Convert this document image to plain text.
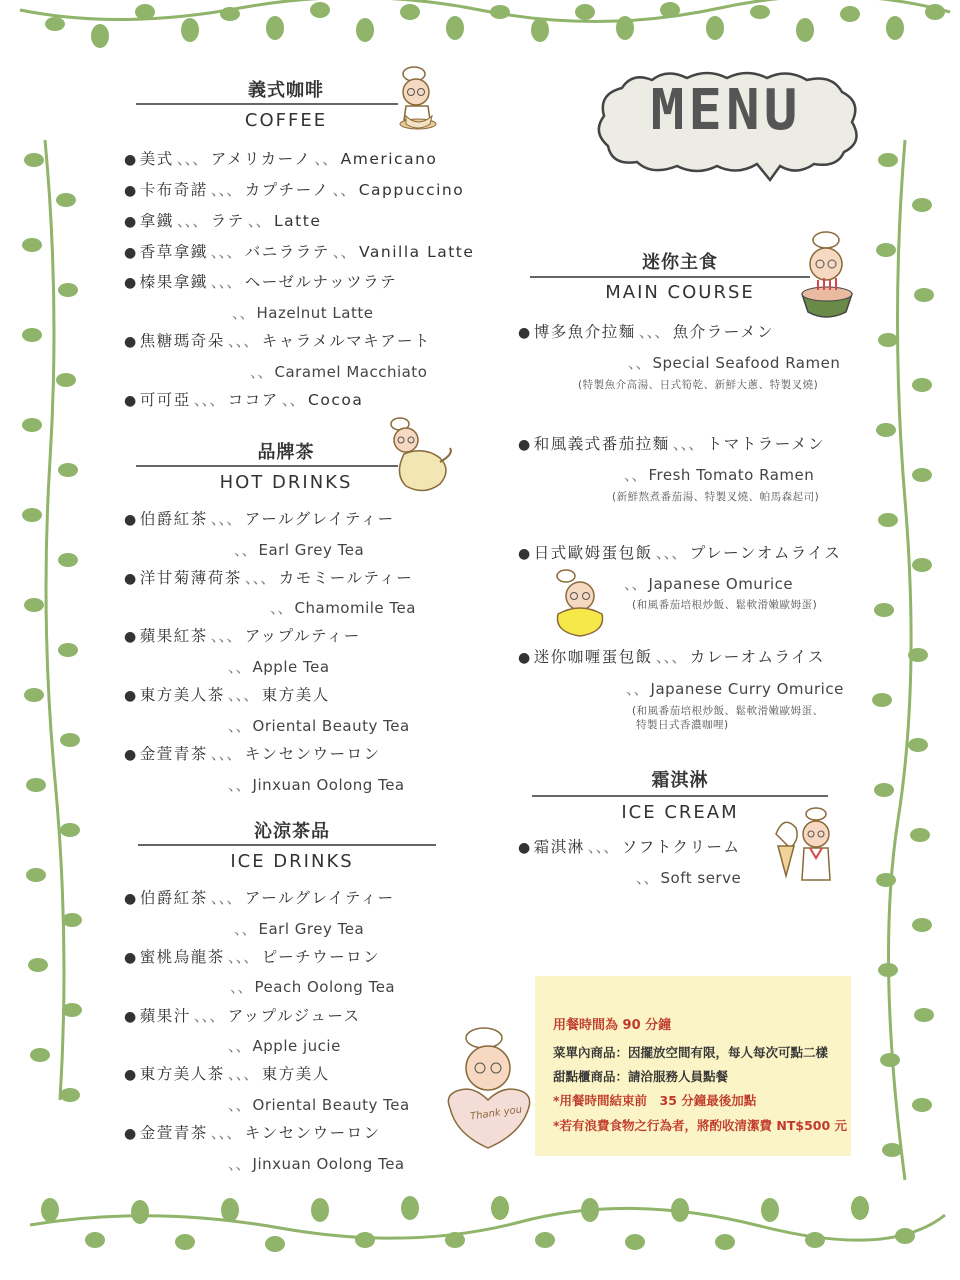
MENU
義式咖啡
COFFEE
● 美式 、、、 アメリカーノ 、、 Americano
● 卡布奇諾 、、、 カプチーノ 、、 Cappuccino
● 拿鐵 、、、 ラテ 、、 Latte
● 香草拿鐵 、、、 バニララテ 、、 Vanilla Latte
● 榛果拿鐵 、、、 ヘーゼルナッツラテ
、、 Hazelnut Latte
● 焦糖瑪奇朵 、、、 キャラメルマキアート
、、 Caramel Macchiato
● 可可亞 、、、 ココア 、、 Cocoa
品牌茶
HOT DRINKS
● 伯爵紅茶 、、、 アールグレイティー
、、 Earl Grey Tea
● 洋甘菊薄荷茶 、、、 カモミールティー
、、 Chamomile Tea
● 蘋果紅茶 、、、 アップルティー
、、 Apple Tea
● 東方美人茶 、、、 東方美人
、、 Oriental Beauty Tea
● 金萱青茶 、、、 キンセンウーロン
、、 Jinxuan Oolong Tea
沁涼茶品
ICE DRINKS
● 伯爵紅茶 、、、 アールグレイティー
、、 Earl Grey Tea
● 蜜桃烏龍茶 、、、 ピーチウーロン
、、 Peach Oolong Tea
● 蘋果汁 、、、 アップルジュース
、、 Apple jucie
● 東方美人茶 、、、 東方美人
、、 Oriental Beauty Tea
● 金萱青茶 、、、 キンセンウーロン
、、 Jinxuan Oolong Tea
迷你主食
MAIN COURSE
● 博多魚介拉麵 、、、 魚介ラーメン
、、 Special Seafood Ramen
(特製魚介高湯、日式筍乾、新鮮大蔥、特製叉燒)
● 和風義式番茄拉麵 、、、 トマトラーメン
、、 Fresh Tomato Ramen
(新鮮熬煮番茄湯、特製叉燒、帕馬森起司)
● 日式歐姆蛋包飯 、、、 プレーンオムライス
、、 Japanese Omurice
(和風番茄培根炒飯、鬆軟滑嫩歐姆蛋)
● 迷你咖喱蛋包飯 、、、 カレーオムライス
、、 Japanese Curry Omurice
(和風番茄培根炒飯、鬆軟滑嫩歐姆蛋、
特製日式香濃咖哩)
霜淇淋
ICE CREAM
● 霜淇淋 、、、 ソフトクリーム
、、 Soft serve
Thank you
用餐時間為 90 分鐘
菜單內商品：因擺放空間有限，每人每次可點二樣
甜點櫃商品：請洽服務人員點餐
*用餐時間結束前　35 分鐘最後加點
*若有浪費食物之行為者，將酌收清潔費 NT$500 元
